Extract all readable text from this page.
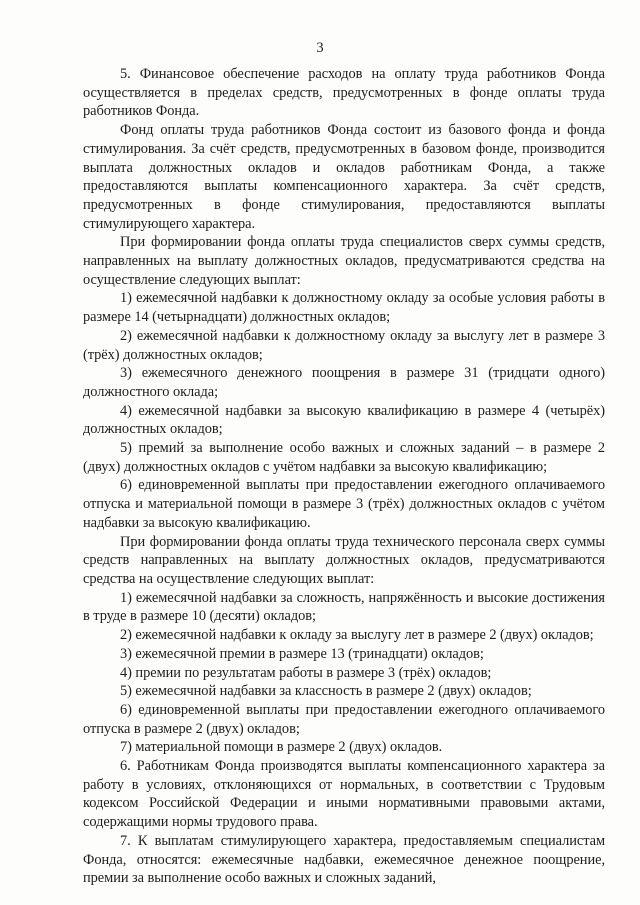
3

5. Финансовое обеспечение расходов на оплату труда работников Фонда осуществляется в пределах средств, предусмотренных в фонде оплаты труда работников Фонда.

Фонд оплаты труда работников Фонда состоит из базового фонда и фонда стимулирования. За счёт средств, предусмотренных в базовом фонде, производится выплата должностных окладов и окладов работникам Фонда, а также предоставляются выплаты компенсационного характера. За счёт средств, предусмотренных в фонде стимулирования, предоставляются выплаты стимулирующего характера.

При формировании фонда оплаты труда специалистов сверх суммы средств, направленных на выплату должностных окладов, предусматриваются средства на осуществление следующих выплат:

1) ежемесячной надбавки к должностному окладу за особые условия работы в размере 14 (четырнадцати) должностных окладов;

2) ежемесячной надбавки к должностному окладу за выслугу лет в размере 3 (трёх) должностных окладов;

3) ежемесячного денежного поощрения в размере 31 (тридцати одного) должностного оклада;

4) ежемесячной надбавки за высокую квалификацию в размере 4 (четырёх) должностных окладов;

5) премий за выполнение особо важных и сложных заданий – в размере 2 (двух) должностных окладов с учётом надбавки за высокую квалификацию;

6) единовременной выплаты при предоставлении ежегодного оплачиваемого отпуска и материальной помощи в размере 3 (трёх) должностных окладов с учётом надбавки за высокую квалификацию.

При формировании фонда оплаты труда технического персонала сверх суммы средств направленных на выплату должностных окладов, предусматриваются средства на осуществление следующих выплат:

1) ежемесячной надбавки за сложность, напряжённость и высокие достижения в труде в размере 10 (десяти) окладов;

2) ежемесячной надбавки к окладу за выслугу лет в размере 2 (двух) окладов;

3) ежемесячной премии в размере 13 (тринадцати) окладов;

4) премии по результатам работы в размере 3 (трёх) окладов;

5) ежемесячной надбавки за классность в размере 2 (двух) окладов;

6) единовременной выплаты при предоставлении ежегодного оплачиваемого отпуска в размере 2 (двух) окладов;

7) материальной помощи в размере 2 (двух) окладов.

6. Работникам Фонда производятся выплаты компенсационного характера за работу в условиях, отклоняющихся от нормальных, в соответствии с Трудовым кодексом Российской Федерации и иными нормативными правовыми актами, содержащими нормы трудового права.

7. К выплатам стимулирующего характера, предоставляемым специалистам Фонда, относятся: ежемесячные надбавки, ежемесячное денежное поощрение, премии за выполнение особо важных и сложных заданий,
